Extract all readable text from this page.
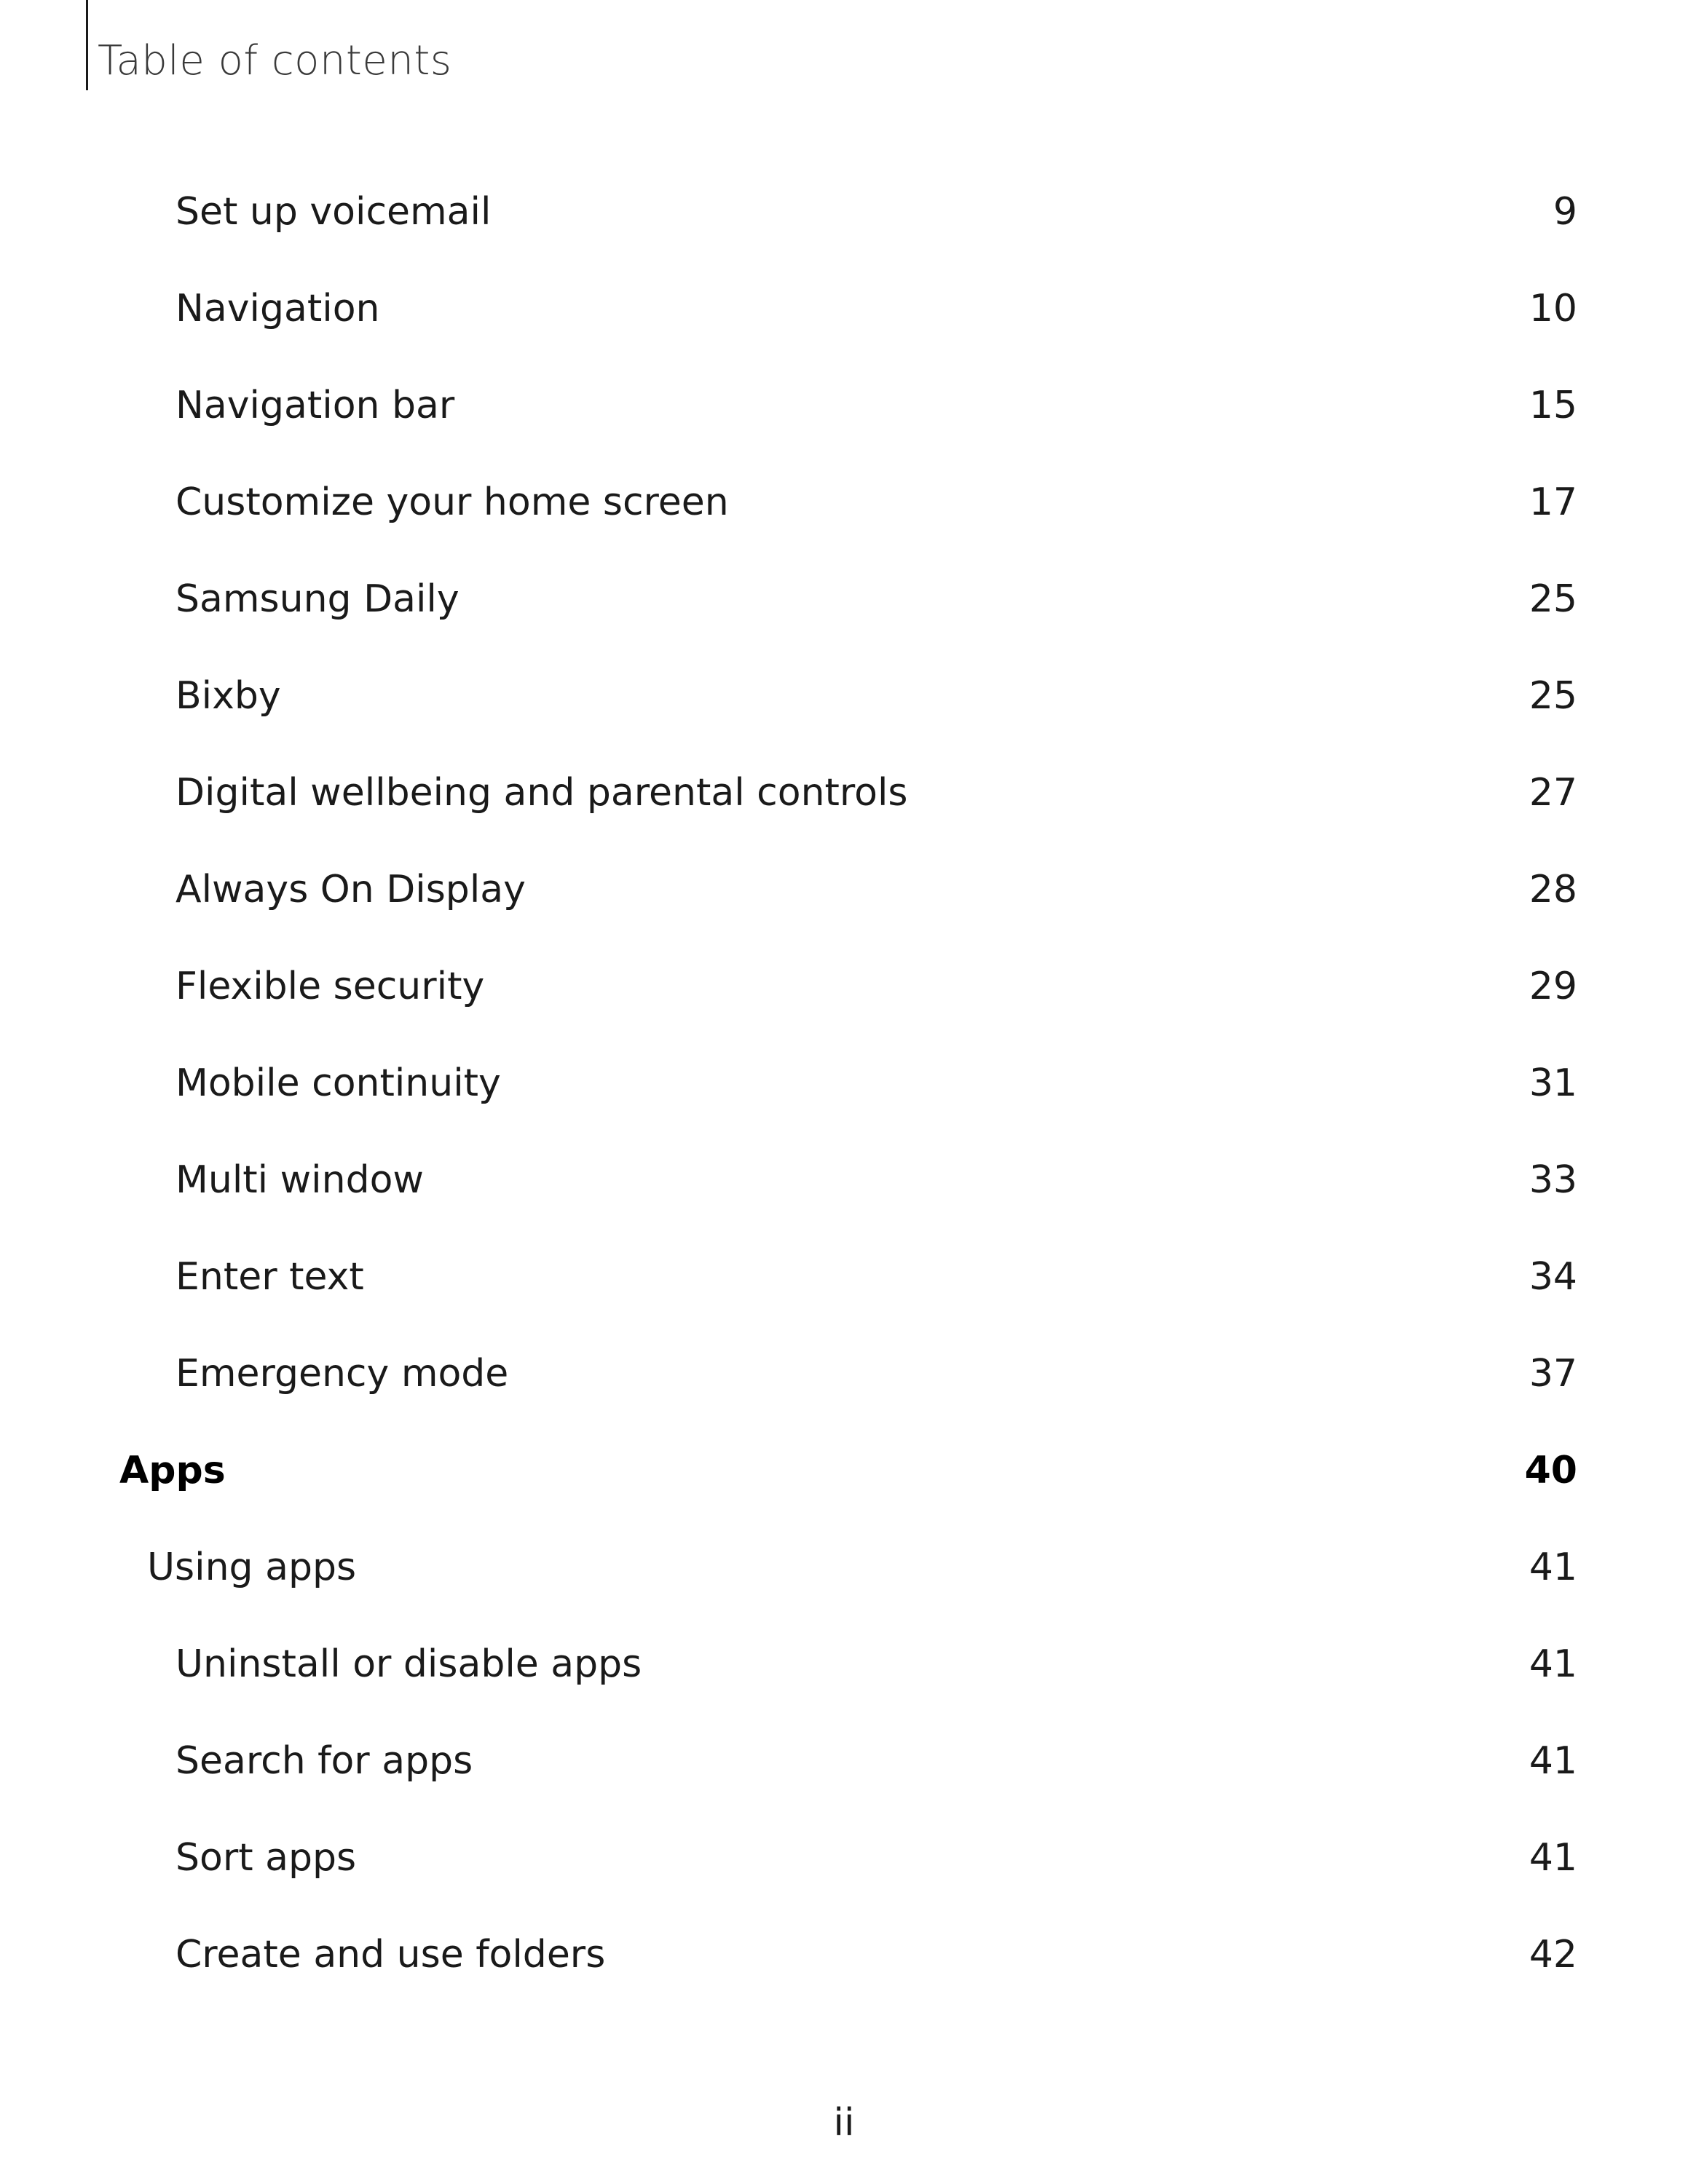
Table of contents
Set up voicemail	9
Navigation	10
Navigation bar	15
Customize your home screen	17
Samsung Daily	25
Bixby	25
Digital wellbeing and parental controls	27
Always On Display	28
Flexible security	29
Mobile continuity	31
Multi window	33
Enter text	34
Emergency mode	37
Apps	40
Using apps	41
Uninstall or disable apps	41
Search for apps	41
Sort apps	41
Create and use folders	42
ii
